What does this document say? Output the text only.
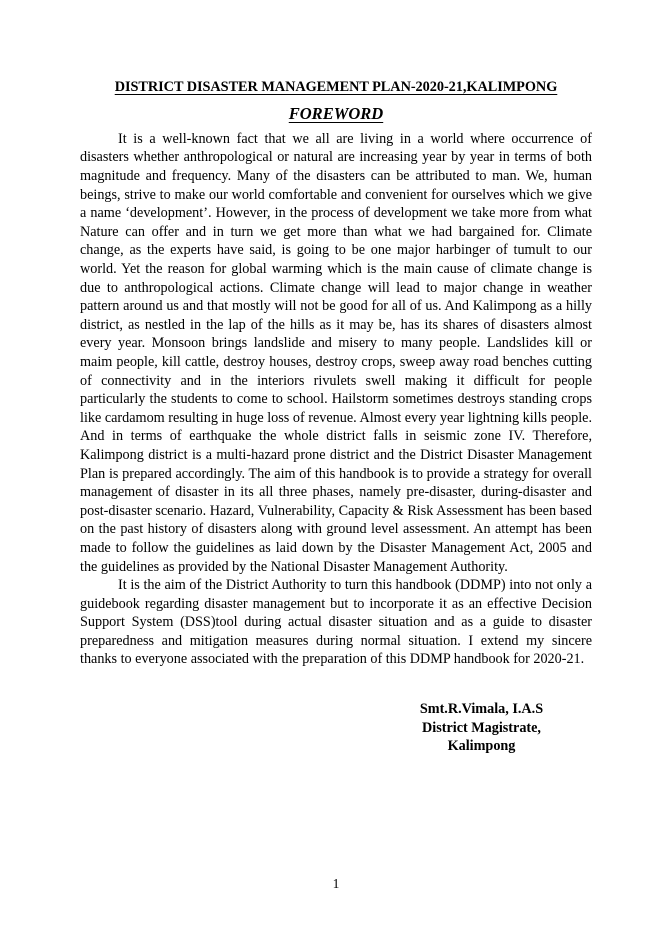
DISTRICT DISASTER MANAGEMENT PLAN-2020-21,KALIMPONG
FOREWORD

It is a well-known fact that we all are living in a world where occurrence of disasters whether anthropological or natural are increasing year by year in terms of both magnitude and frequency. Many of the disasters can be attributed to man. We, human beings, strive to make our world comfortable and convenient for ourselves which we give a name ‘development’. However, in the process of development we take more from what Nature can offer and in turn we get more than what we had bargained for. Climate change, as the experts have said, is going to be one major harbinger of tumult to our world. Yet the reason for global warming which is the main cause of climate change is due to anthropological actions. Climate change will lead to major change in weather pattern around us and that mostly will not be good for all of us. And Kalimpong as a hilly district, as nestled in the lap of the hills as it may be, has its shares of disasters almost every year. Monsoon brings landslide and misery to many people. Landslides kill or maim people, kill cattle, destroy houses, destroy crops, sweep away road benches cutting of connectivity and in the interiors rivulets swell making it difficult for people particularly the students to come to school. Hailstorm sometimes destroys standing crops like cardamom resulting in huge loss of revenue. Almost every year lightning kills people. And in terms of earthquake the whole district falls in seismic zone IV. Therefore, Kalimpong district is a multi-hazard prone district and the District Disaster Management Plan is prepared accordingly. The aim of this handbook is to provide a strategy for overall management of disaster in its all three phases, namely pre-disaster, during-disaster and post-disaster scenario. Hazard, Vulnerability, Capacity & Risk Assessment has been based on the past history of disasters along with ground level assessment. An attempt has been made to follow the guidelines as laid down by the Disaster Management Act, 2005 and the guidelines as provided by the National Disaster Management Authority.

It is the aim of the District Authority to turn this handbook (DDMP) into not only a guidebook regarding disaster management but to incorporate it as an effective Decision Support System (DSS)tool during actual disaster situation and as a guide to disaster preparedness and mitigation measures during normal situation. I extend my sincere thanks to everyone associated with the preparation of this DDMP handbook for 2020-21.

Smt.R.Vimala, I.A.S
District Magistrate,
Kalimpong
1
